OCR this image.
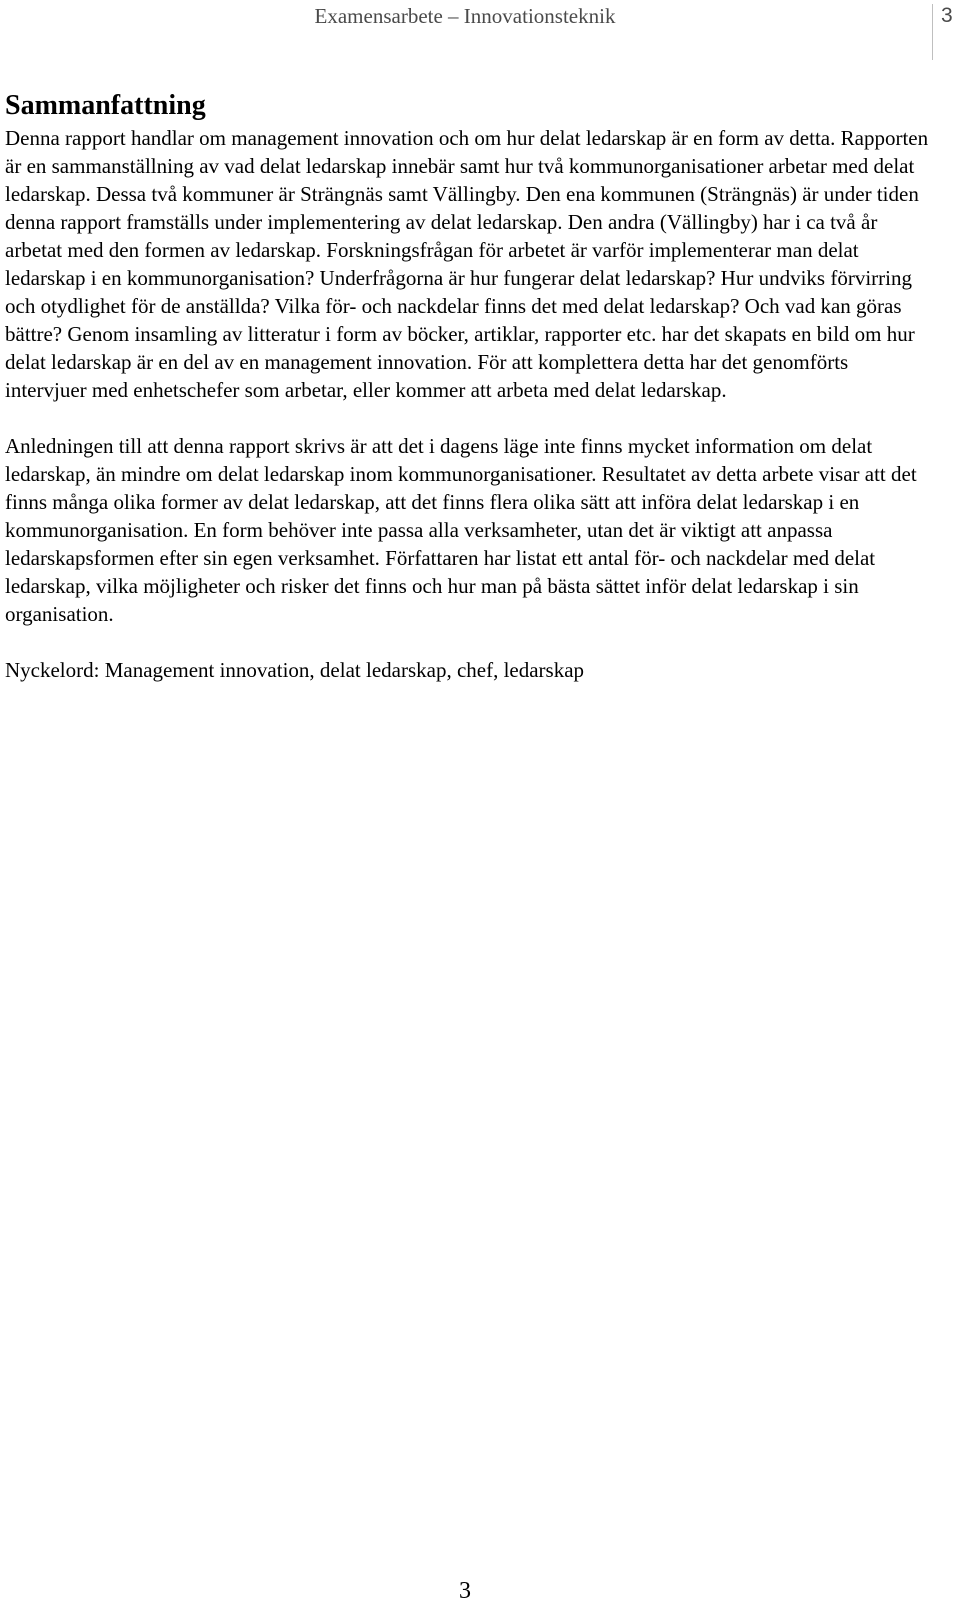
Examensarbete – Innovationsteknik	3
Sammanfattning

Denna rapport handlar om management innovation och om hur delat ledarskap är en form av detta. Rapporten är en sammanställning av vad delat ledarskap innebär samt hur två kommunorganisationer arbetar med delat ledarskap. Dessa två kommuner är Strängnäs samt Vällingby. Den ena kommunen (Strängnäs) är under tiden denna rapport framställs under implementering av delat ledarskap. Den andra (Vällingby) har i ca två år arbetat med den formen av ledarskap. Forskningsfrågan för arbetet är varför implementerar man delat ledarskap i en kommunorganisation? Underfrågorna är hur fungerar delat ledarskap? Hur undviks förvirring och otydlighet för de anställda? Vilka för- och nackdelar finns det med delat ledarskap? Och vad kan göras bättre? Genom insamling av litteratur i form av böcker, artiklar, rapporter etc. har det skapats en bild om hur delat ledarskap är en del av en management innovation. För att komplettera detta har det genomförts intervjuer med enhetschefer som arbetar, eller kommer att arbeta med delat ledarskap.

Anledningen till att denna rapport skrivs är att det i dagens läge inte finns mycket information om delat ledarskap, än mindre om delat ledarskap inom kommunorganisationer. Resultatet av detta arbete visar att det finns många olika former av delat ledarskap, att det finns flera olika sätt att införa delat ledarskap i en kommunorganisation. En form behöver inte passa alla verksamheter, utan det är viktigt att anpassa ledarskapsformen efter sin egen verksamhet. Författaren har listat ett antal för- och nackdelar med delat ledarskap, vilka möjligheter och risker det finns och hur man på bästa sättet inför delat ledarskap i sin organisation.

Nyckelord: Management innovation, delat ledarskap, chef, ledarskap

3
